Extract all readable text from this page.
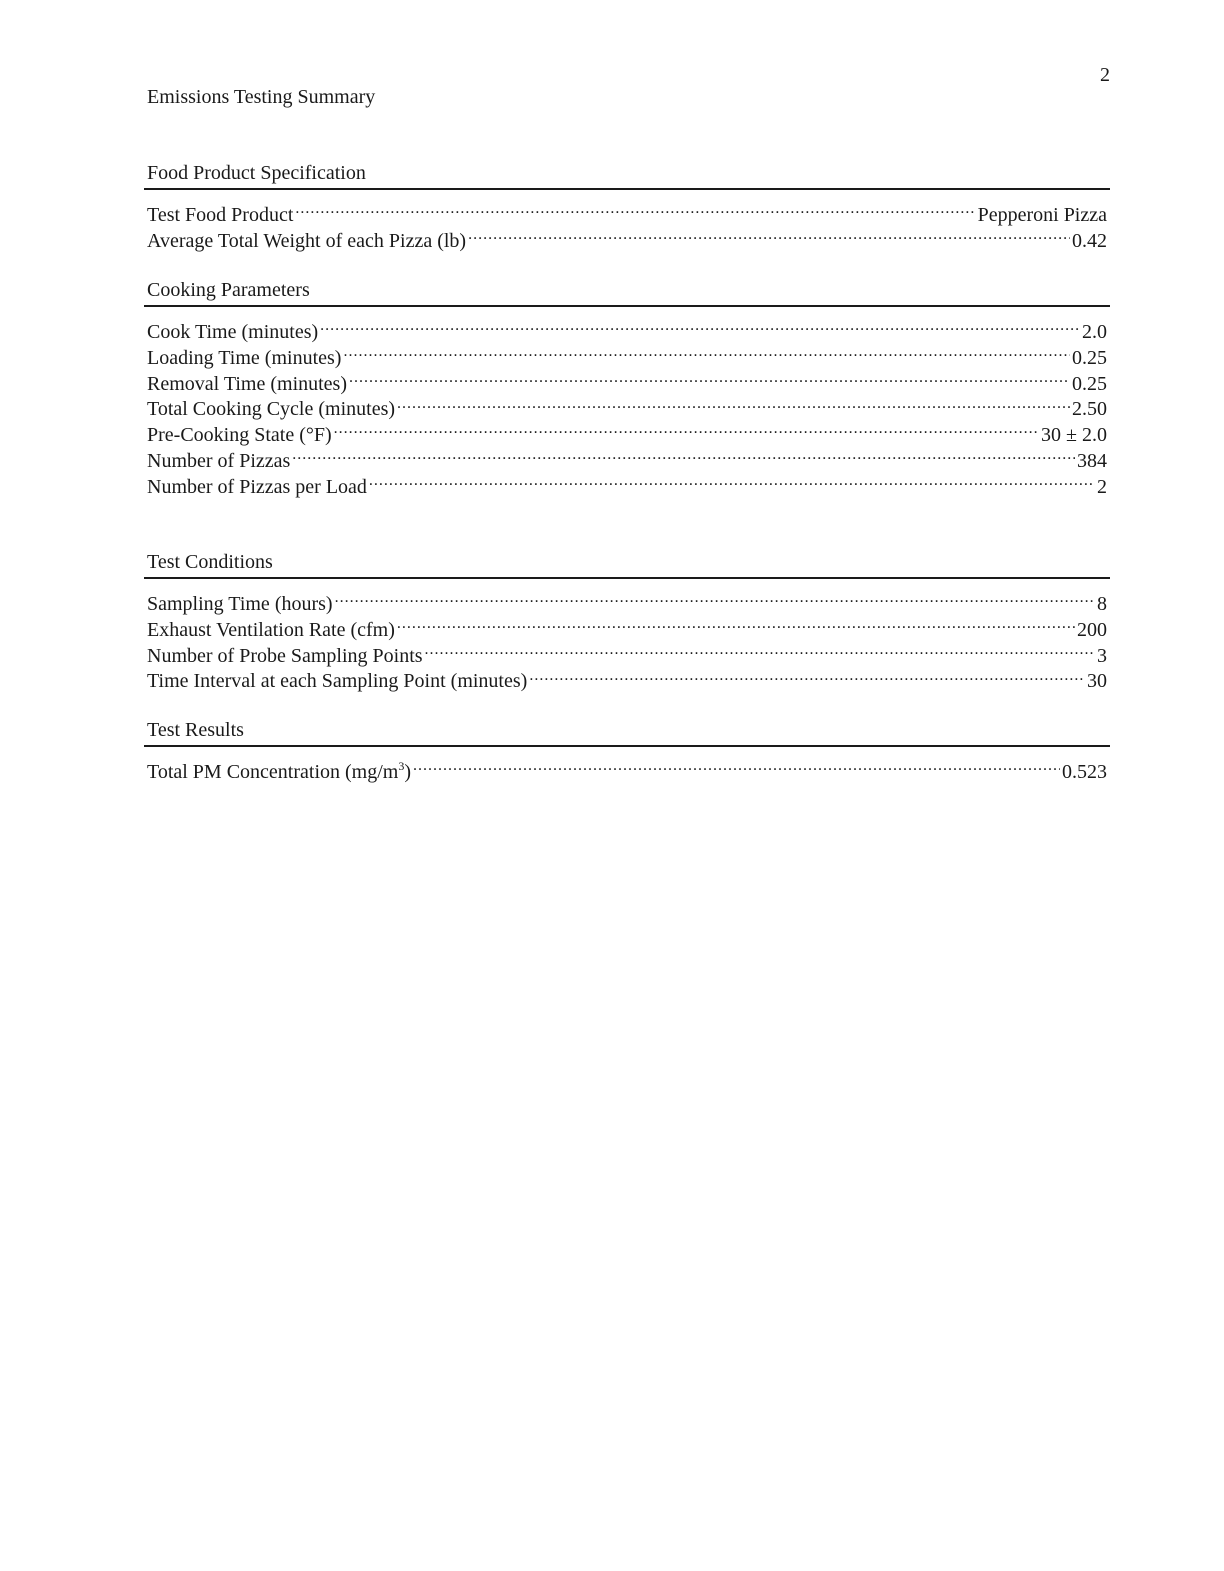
2
Emissions Testing Summary
Food Product Specification
Test Food Product .....	Pepperoni Pizza
Average Total Weight of each Pizza (lb) .....	0.42
Cooking Parameters
Cook Time (minutes) .....	2.0
Loading Time (minutes) .....	0.25
Removal Time (minutes) .....	0.25
Total Cooking Cycle (minutes) .....	2.50
Pre-Cooking State (°F) .....	30 ± 2.0
Number of Pizzas .....	384
Number of Pizzas per Load .....	2
Test Conditions
Sampling Time (hours) .....	8
Exhaust Ventilation Rate (cfm) .....	200
Number of Probe Sampling Points .....	3
Time Interval at each Sampling Point (minutes) .....	30
Test Results
Total PM Concentration $(mg/m^3)$ .....	0.523
